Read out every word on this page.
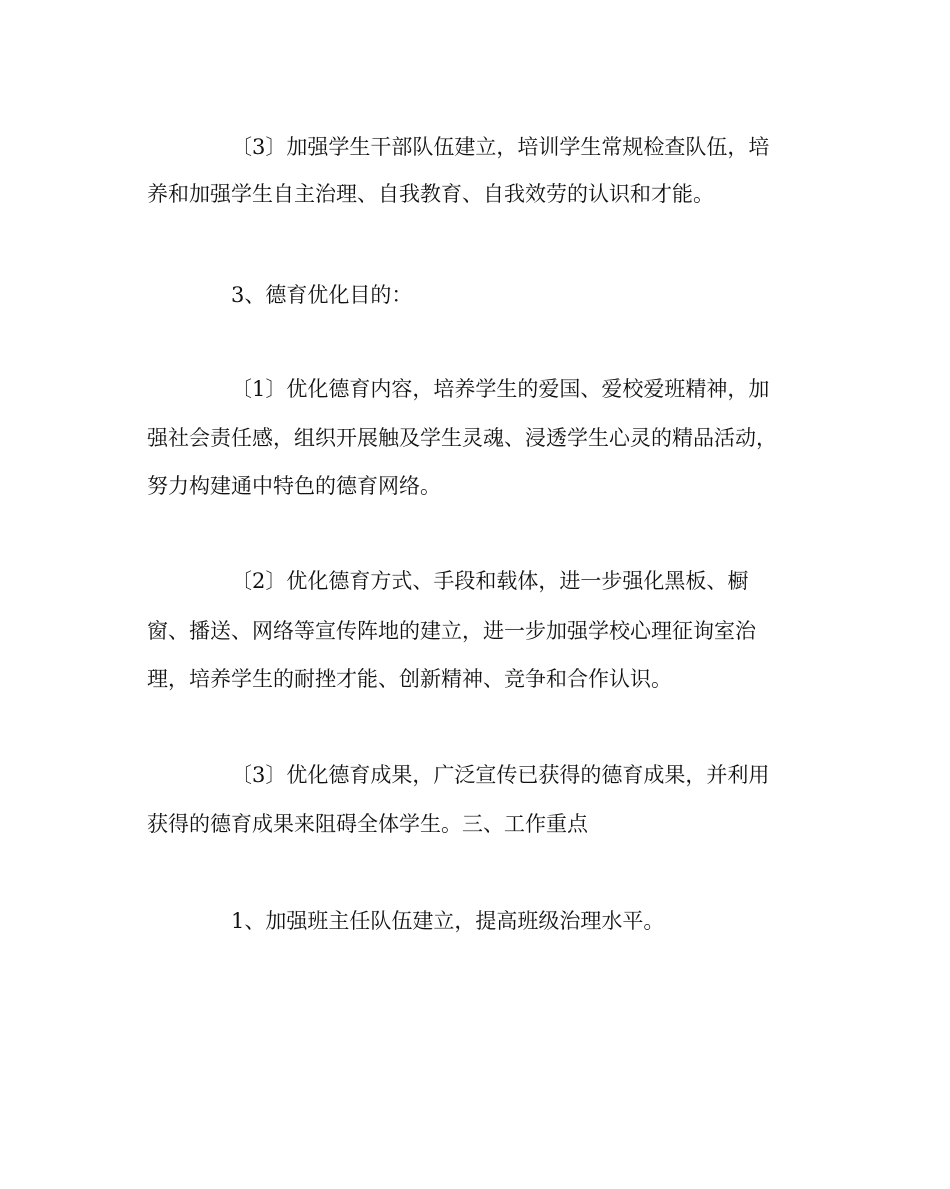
〔3〕加强学生干部队伍建立，培训学生常规检查队伍，培
养和加强学生自主治理、自我教育、自我效劳的认识和才能。
3、德育优化目的：
〔1〕优化德育内容，培养学生的爱国、爱校爱班精神，加
强社会责任感，组织开展触及学生灵魂、浸透学生心灵的精品活动，
努力构建通中特色的德育网络。
〔2〕优化德育方式、手段和载体，进一步强化黑板、橱
窗、播送、网络等宣传阵地的建立，进一步加强学校心理征询室治
理，培养学生的耐挫才能、创新精神、竞争和合作认识。
〔3〕优化德育成果，广泛宣传已获得的德育成果，并利用
获得的德育成果来阻碍全体学生。三、工作重点
1、加强班主任队伍建立，提高班级治理水平。
